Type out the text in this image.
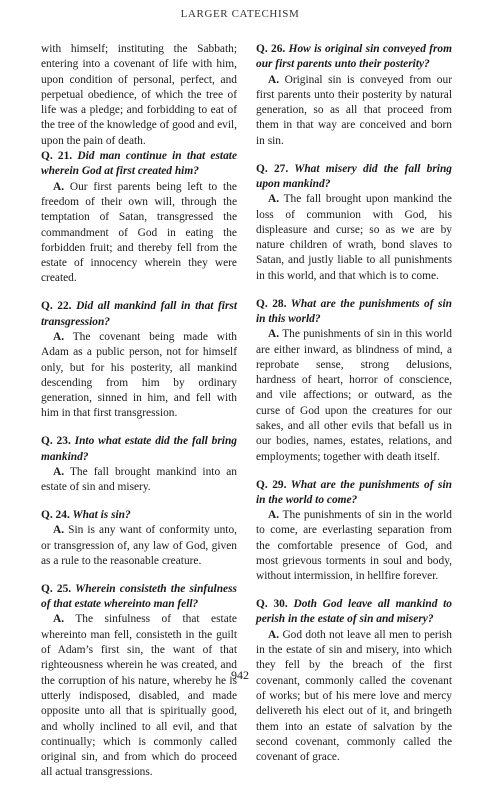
LARGER CATECHISM

with himself; instituting the Sabbath; entering into a covenant of life with him, upon condition of personal, perfect, and perpetual obedience, of which the tree of life was a pledge; and forbidding to eat of the tree of the knowledge of good and evil, upon the pain of death.

Q. 21. Did man continue in that estate wherein God at first created him?

A. Our first parents being left to the freedom of their own will, through the temptation of Satan, transgressed the commandment of God in eating the forbidden fruit; and thereby fell from the estate of innocency wherein they were created.

Q. 22. Did all mankind fall in that first transgression?

A. The covenant being made with Adam as a public person, not for himself only, but for his posterity, all mankind descending from him by ordinary generation, sinned in him, and fell with him in that first transgression.

Q. 23. Into what estate did the fall bring mankind?

A. The fall brought mankind into an estate of sin and misery.

Q. 24. What is sin?

A. Sin is any want of conformity unto, or transgression of, any law of God, given as a rule to the reasonable creature.

Q. 25. Wherein consisteth the sinfulness of that estate whereinto man fell?

A. The sinfulness of that estate whereinto man fell, consisteth in the guilt of Adam’s first sin, the want of that righteousness wherein he was created, and the corruption of his nature, whereby he is utterly indisposed, disabled, and made opposite unto all that is spiritually good, and wholly inclined to all evil, and that continually; which is commonly called original sin, and from which do proceed all actual transgressions.

Q. 26. How is original sin conveyed from our first parents unto their posterity?

A. Original sin is conveyed from our first parents unto their posterity by natural generation, so as all that proceed from them in that way are conceived and born in sin.

Q. 27. What misery did the fall bring upon mankind?

A. The fall brought upon mankind the loss of communion with God, his displeasure and curse; so as we are by nature children of wrath, bond slaves to Satan, and justly liable to all punishments in this world, and that which is to come.

Q. 28. What are the punishments of sin in this world?

A. The punishments of sin in this world are either inward, as blindness of mind, a reprobate sense, strong delusions, hardness of heart, horror of conscience, and vile affections; or outward, as the curse of God upon the creatures for our sakes, and all other evils that befall us in our bodies, names, estates, relations, and employments; together with death itself.

Q. 29. What are the punishments of sin in the world to come?

A. The punishments of sin in the world to come, are everlasting separation from the comfortable presence of God, and most grievous torments in soul and body, without intermission, in hellfire forever.

Q. 30. Doth God leave all mankind to perish in the estate of sin and misery?

A. God doth not leave all men to perish in the estate of sin and misery, into which they fell by the breach of the first covenant, commonly called the covenant of works; but of his mere love and mercy delivereth his elect out of it, and bringeth them into an estate of salvation by the second covenant, commonly called the covenant of grace.

942
